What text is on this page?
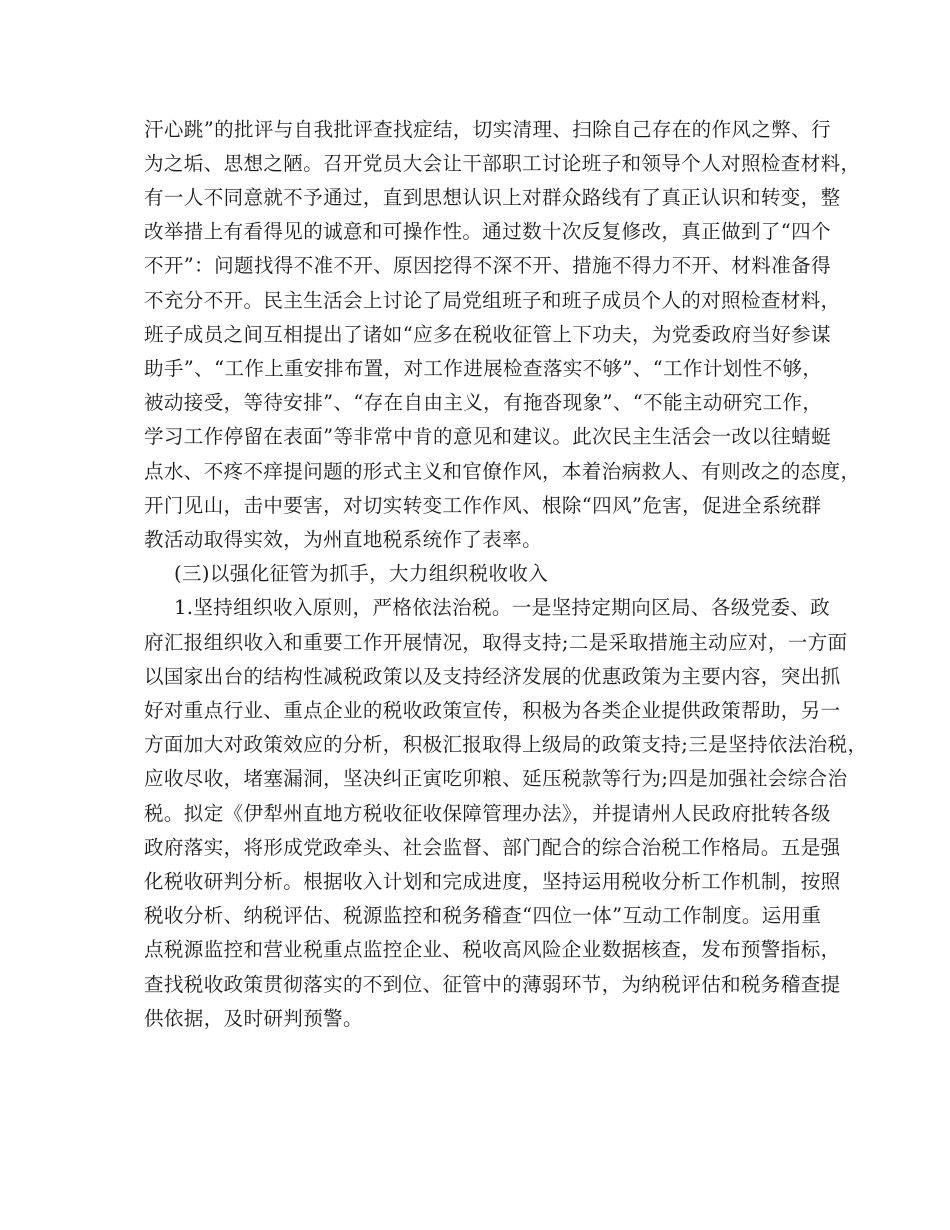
汗心跳”的批评与自我批评查找症结，切实清理、扫除自己存在的作风之弊、行
为之垢、思想之陋。召开党员大会让干部职工讨论班子和领导个人对照检查材料，
有一人不同意就不予通过，直到思想认识上对群众路线有了真正认识和转变，整
改举措上有看得见的诚意和可操作性。通过数十次反复修改，真正做到了“四个
不开”：问题找得不准不开、原因挖得不深不开、措施不得力不开、材料准备得
不充分不开。民主生活会上讨论了局党组班子和班子成员个人的对照检查材料，
班子成员之间互相提出了诸如“应多在税收征管上下功夫，为党委政府当好参谋
助手”、“工作上重安排布置，对工作进展检查落实不够”、“工作计划性不够，
被动接受，等待安排”、“存在自由主义，有拖沓现象”、“不能主动研究工作，
学习工作停留在表面”等非常中肯的意见和建议。此次民主生活会一改以往蜻蜓
点水、不疼不痒提问题的形式主义和官僚作风，本着治病救人、有则改之的态度，
开门见山，击中要害，对切实转变工作作风、根除“四风”危害，促进全系统群
教活动取得实效，为州直地税系统作了表率。
(三)以强化征管为抓手，大力组织税收收入
1.坚持组织收入原则，严格依法治税。一是坚持定期向区局、各级党委、政
府汇报组织收入和重要工作开展情况，取得支持;二是采取措施主动应对，一方面
以国家出台的结构性减税政策以及支持经济发展的优惠政策为主要内容，突出抓
好对重点行业、重点企业的税收政策宣传，积极为各类企业提供政策帮助，另一
方面加大对政策效应的分析，积极汇报取得上级局的政策支持;三是坚持依法治税，
应收尽收，堵塞漏洞，坚决纠正寅吃卯粮、延压税款等行为;四是加强社会综合治
税。拟定《伊犁州直地方税收征收保障管理办法》，并提请州人民政府批转各级
政府落实，将形成党政牵头、社会监督、部门配合的综合治税工作格局。五是强
化税收研判分析。根据收入计划和完成进度，坚持运用税收分析工作机制，按照
税收分析、纳税评估、税源监控和税务稽查“四位一体”互动工作制度。运用重
点税源监控和营业税重点监控企业、税收高风险企业数据核查，发布预警指标，
查找税收政策贯彻落实的不到位、征管中的薄弱环节，为纳税评估和税务稽查提
供依据，及时研判预警。
